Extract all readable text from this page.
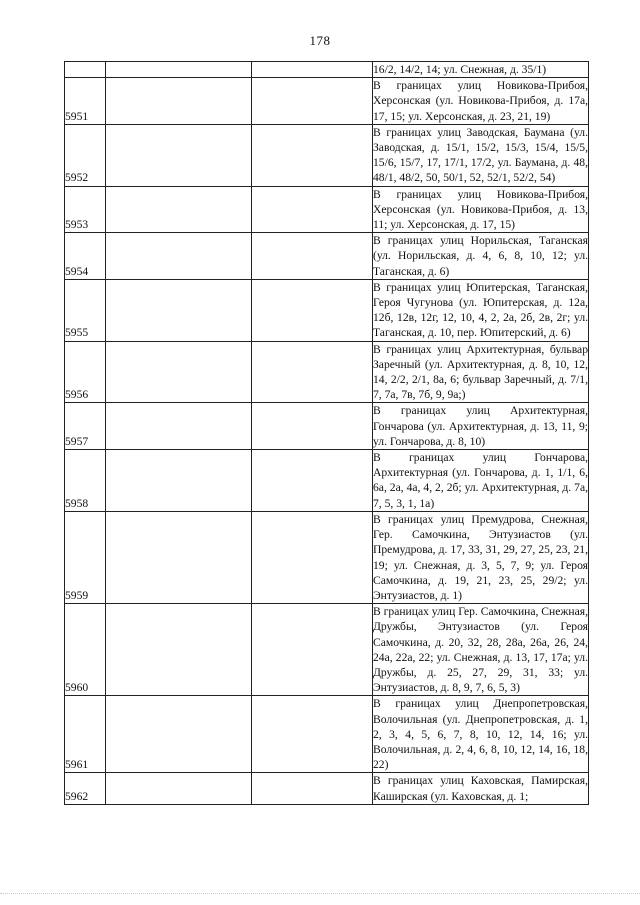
178
			16/2, 14/2, 14; ул. Снежная, д. 35/1)
5951			В границах улиц Новикова-Прибоя, Херсонская (ул. Новикова-Прибоя, д. 17а, 17, 15; ул. Херсонская, д. 23, 21, 19)
5952			В границах улиц Заводская, Баумана (ул. Заводская, д. 15/1, 15/2, 15/3, 15/4, 15/5, 15/6, 15/7, 17, 17/1, 17/2, ул. Баумана, д. 48, 48/1, 48/2, 50, 50/1, 52, 52/1, 52/2, 54)
5953			В границах улиц Новикова-Прибоя, Херсонская (ул. Новикова-Прибоя, д. 13, 11; ул. Херсонская, д. 17, 15)
5954			В границах улиц Норильская, Таганская (ул. Норильская, д. 4, 6, 8, 10, 12; ул. Таганская, д. 6)
5955			В границах улиц Юпитерская, Таганская, Героя Чугунова (ул. Юпитерская, д. 12а, 12б, 12в, 12г, 12, 10, 4, 2, 2а, 2б, 2в, 2г; ул. Таганская, д. 10, пер. Юпитерский, д. 6)
5956			В границах улиц Архитектурная, бульвар Заречный (ул. Архитектурная, д. 8, 10, 12, 14, 2/2, 2/1, 8а, 6; бульвар Заречный, д. 7/1, 7, 7а, 7в, 7б, 9, 9а;)
5957			В границах улиц Архитектурная, Гончарова (ул. Архитектурная, д. 13, 11, 9; ул. Гончарова, д. 8, 10)
5958			В границах улиц Гончарова, Архитектурная (ул. Гончарова, д. 1, 1/1, 6, 6а, 2а, 4а, 4, 2, 2б; ул. Архитектурная, д. 7а, 7, 5, 3, 1, 1а)
5959			В границах улиц Премудрова, Снежная, Гер. Самочкина, Энтузиастов (ул. Премудрова, д. 17, 33, 31, 29, 27, 25, 23, 21, 19; ул. Снежная, д. 3, 5, 7, 9; ул. Героя Самочкина, д. 19, 21, 23, 25, 29/2; ул. Энтузиастов, д. 1)
5960			В границах улиц Гер. Самочкина, Снежная, Дружбы, Энтузиастов (ул. Героя Самочкина, д. 20, 32, 28, 28а, 26а, 26, 24, 24а, 22а, 22; ул. Снежная, д. 13, 17, 17а; ул. Дружбы, д. 25, 27, 29, 31, 33; ул. Энтузиастов, д. 8, 9, 7, 6, 5, 3)
5961			В границах улиц Днепропетровская, Волочильная (ул. Днепропетровская, д. 1, 2, 3, 4, 5, 6, 7, 8, 10, 12, 14, 16; ул. Волочильная, д. 2, 4, 6, 8, 10, 12, 14, 16, 18, 22)
5962			В границах улиц Каховская, Памирская, Каширская (ул. Каховская, д. 1;
